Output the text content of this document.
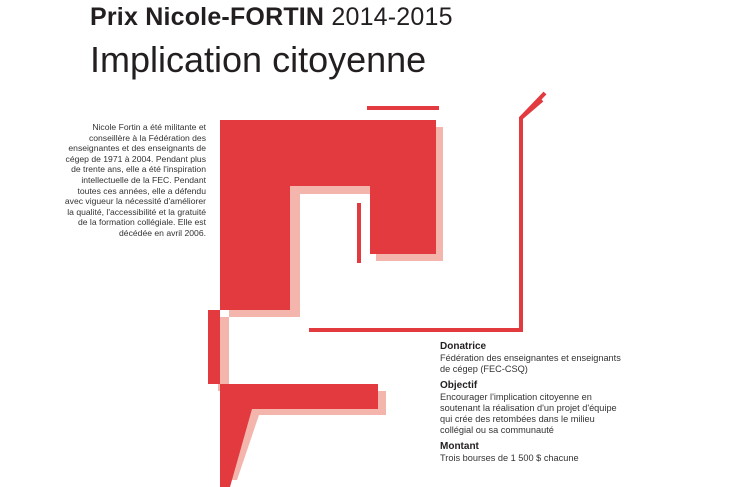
Prix Nicole-FORTIN 2014-2015
Implication citoyenne
Nicole Fortin a été militante et conseillère à la Fédération des enseignantes et des enseignants de cégep de 1971 à 2004. Pendant plus de trente ans, elle a été l'inspiration intellectuelle de la FEC. Pendant toutes ces années, elle a défendu avec vigueur la nécessité d'améliorer la qualité, l'accessibilité et la gratuité de la formation collégiale. Elle est décédée en avril 2006.
Donatrice
Fédération des enseignantes et enseignants de cégep (FEC-CSQ)
Objectif
Encourager l'implication citoyenne en soutenant la réalisation d'un projet d'équipe qui crée des retombées dans le milieu collégial ou sa communauté
Montant
Trois bourses de 1 500 $ chacune
